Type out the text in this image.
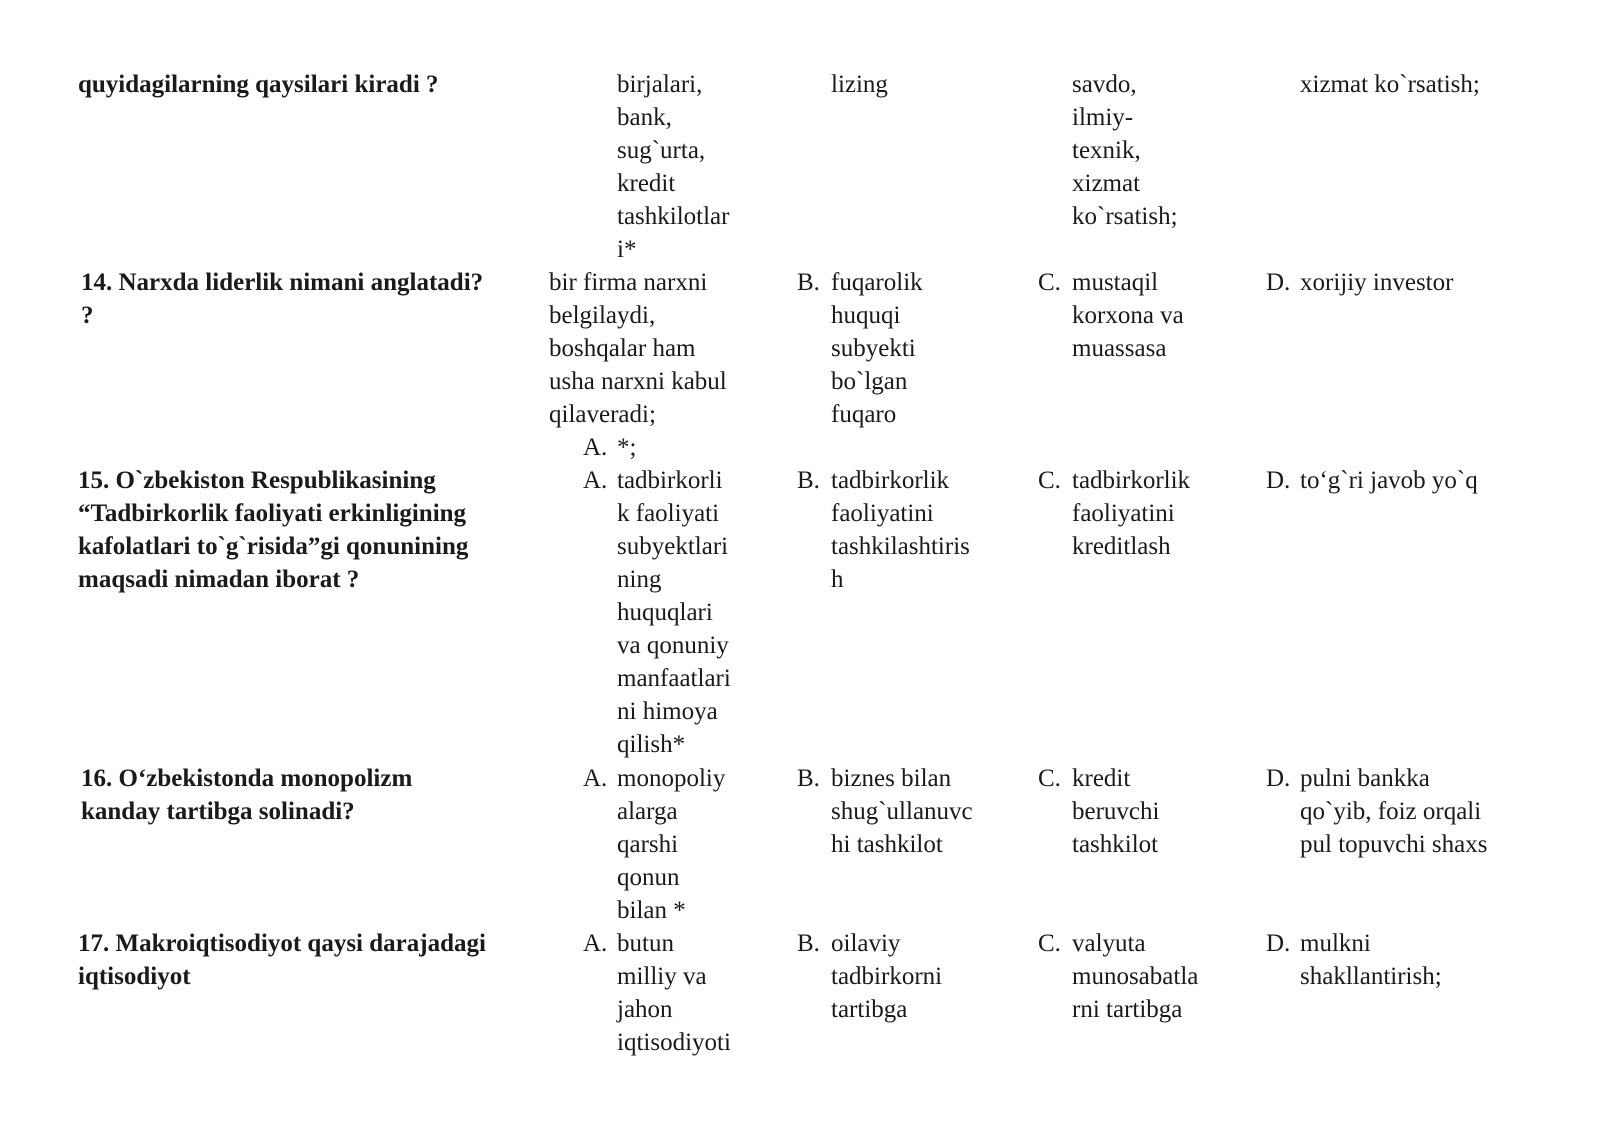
quyidagilarning qaysilari kiradi ?	birjalari,
bank,
sug`urta,
kredit
tashkilotlar
i*
lizing	savdo,
ilmiy-
texnik,
xizmat
ko`rsatish;
xizmat ko`rsatish;
14. Narxda liderlik nimani anglatadi?
?
bir firma narxni
belgilaydi,
boshqalar ham
usha narxni kabul
qilaveradi;
A. *;
B. fuqarolik
huquqi
subyekti
bo`lgan
fuqaro
C. mustaqil
korxona va
muassasa
D. xorijiy investor
15. O`zbekiston Respublikasining
“Tadbirkorlik faoliyati erkinligining
kafolatlari to`g`risida”gi qonunining
maqsadi nimadan iborat ?
A. tadbirkorli
k faoliyati
subyektlari
ning
huquqlari
va qonuniy
manfaatlari
ni himoya
qilish*
B. tadbirkorlik
faoliyatini
tashkilashtiris
h
C. tadbirkorlik
faoliyatini
kreditlash
D. to‘g`ri javob yo`q
16. O‘zbekistonda monopolizm
kanday tartibga solinadi?
A. monopoliy
alarga
qarshi
qonun
bilan *
B. biznes bilan
shug`ullanuvc
hi tashkilot
C. kredit
beruvchi
tashkilot
D. pulni bankka
qo`yib, foiz orqali
pul topuvchi shaxs
17. Makroiqtisodiyot qaysi darajadagi
iqtisodiyot
A. butun
milliy va
jahon
iqtisodiyoti
B. oilaviy
tadbirkorni
tartibga
C. valyuta
munosabatla
rni tartibga
D. mulkni
shakllantirish;
